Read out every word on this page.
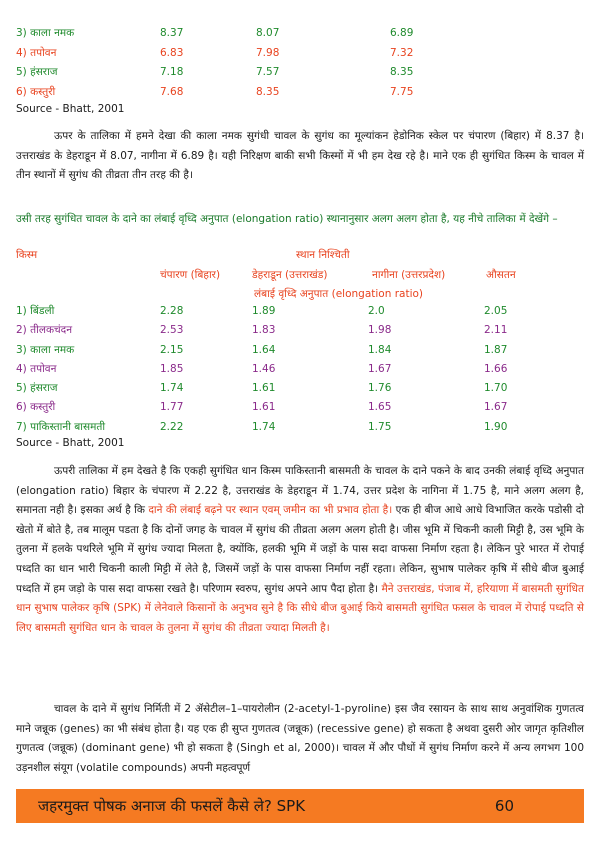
3) काला नमक	8.37	8.07	6.89
4) तपोवन	6.83	7.98	7.32
5) हंसराज	7.18	7.57	8.35
6) कस्तुरी	7.68	8.35	7.75
Source - Bhatt, 2001

ऊपर के तालिका में हमने देखा की काला नमक सुगंधी चावल के सुगंध का मूल्यांकन हेडोनिक स्केल पर चंपारण (बिहार) में 8.37 है। उत्तराखंड के डेहराडून में 8.07, नागीना में 6.89 है। यही निरिक्षण बाकी सभी किस्मों में भी हम देख रहे है। माने एक ही सुगंधित किस्म के चावल में तीन स्थानों में सुगंध की तीव्रता तीन तरह की है।

उसी तरह सुगंधित चावल के दाने का लंबाई वृध्दि अनुपात (elongation ratio) स्थानानुसार अलग अलग होता है, यह नीचे तालिका में देखेंगे –

किस्म	स्थान निश्चिती
चंपारण (बिहार)	डेहराडून (उत्तराखंड)	नागीना (उत्तरप्रदेश)	औसतन
लंबाई वृध्दि अनुपात (elongation ratio)
1) बिंडली	2.28	1.89	2.0	2.05
2) तीलकचंदन	2.53	1.83	1.98	2.11
3) काला नमक	2.15	1.64	1.84	1.87
4) तपोवन	1.85	1.46	1.67	1.66
5) हंसराज	1.74	1.61	1.76	1.70
6) कस्तुरी	1.77	1.61	1.65	1.67
7) पाकिस्तानी बासमती	2.22	1.74	1.75	1.90
Source - Bhatt, 2001

ऊपरी तालिका में हम देखते है कि एकही सुगंधित धान किस्म पाकिस्तानी बासमती के चावल के दाने पकने के बाद उनकी लंबाई वृध्दि अनुपात (elongation ratio) बिहार के चंपारण में 2.22 है, उत्तराखंड के डेहराडून में 1.74, उत्तर प्रदेश के नागिना में 1.75 है, माने अलग अलग है, समानता नही है। इसका अर्थ है कि दाने की लंबाई बढ़ने पर स्थान एवम् जमीन का भी प्रभाव होता है। एक ही बीज आधे आधे विभाजित करके पडोसी दो खेतो में बोते है, तब मालूम पडता है कि दोनों जगह के चावल में सुगंध की तीव्रता अलग अलग होती है। जीस भूमि में चिकनी काली मिट्टी है, उस भूमि के तुलना में हलके पथरिले भूमि में सुगंध ज्यादा मिलता है, क्योंकि, हलकी भूमि में जड़ों के पास सदा वाफसा निर्माण रहता है। लेकिन पुरे भारत में रोपाई पध्दति का धान भारी चिकनी काली मिट्टी में लेते है, जिसमें जड़ों के पास वाफसा निर्माण नहीं रहता। लेकिन, सुभाष पालेकर कृषि में सीधे बीज बुआई पध्दति में हम जड़ो के पास सदा वाफसा रखते है। परिणाम स्वरुप, सुगंध अपने आप पैदा होता है। मैने उत्तराखंड, पंजाब में, हरियाणा में बासमती सुगंधित धान सुभाष पालेकर कृषि (SPK) में लेनेवाले किसानों के अनुभव सुने है कि सीधे बीज बुआई किये बासमती सुगंधित फसल के चावल में रोपाई पध्दति से लिए बासमती सुगंधित धान के चावल के तुलना में सुगंध की तीव्रता ज्यादा मिलती है।

चावल के दाने में सुगंध निर्मिती में 2 ॲसेटील–1–पायरोलीन (2-acetyl-1-pyroline) इस जैव रसायन के साथ साथ अनुवांशिक गुणतत्व माने जन्नूक (genes) का भी संबंध होता है। यह एक ही सुप्त गुणतत्व (जन्नूक) (recessive gene) हो सकता है अथवा दुसरी ओर जागृत कृतिशील गुणतत्व (जन्नूक) (dominant gene) भी हो सकता है (Singh et al, 2000)। चावल में और पौधों में सुगंध निर्माण करने में अन्य लगभग 100 उड़नशील संयूग (volatile compounds) अपनी महत्वपूर्ण

जहरमुक्त पोषक अनाज की फसलें कैसे ले? SPK	60
